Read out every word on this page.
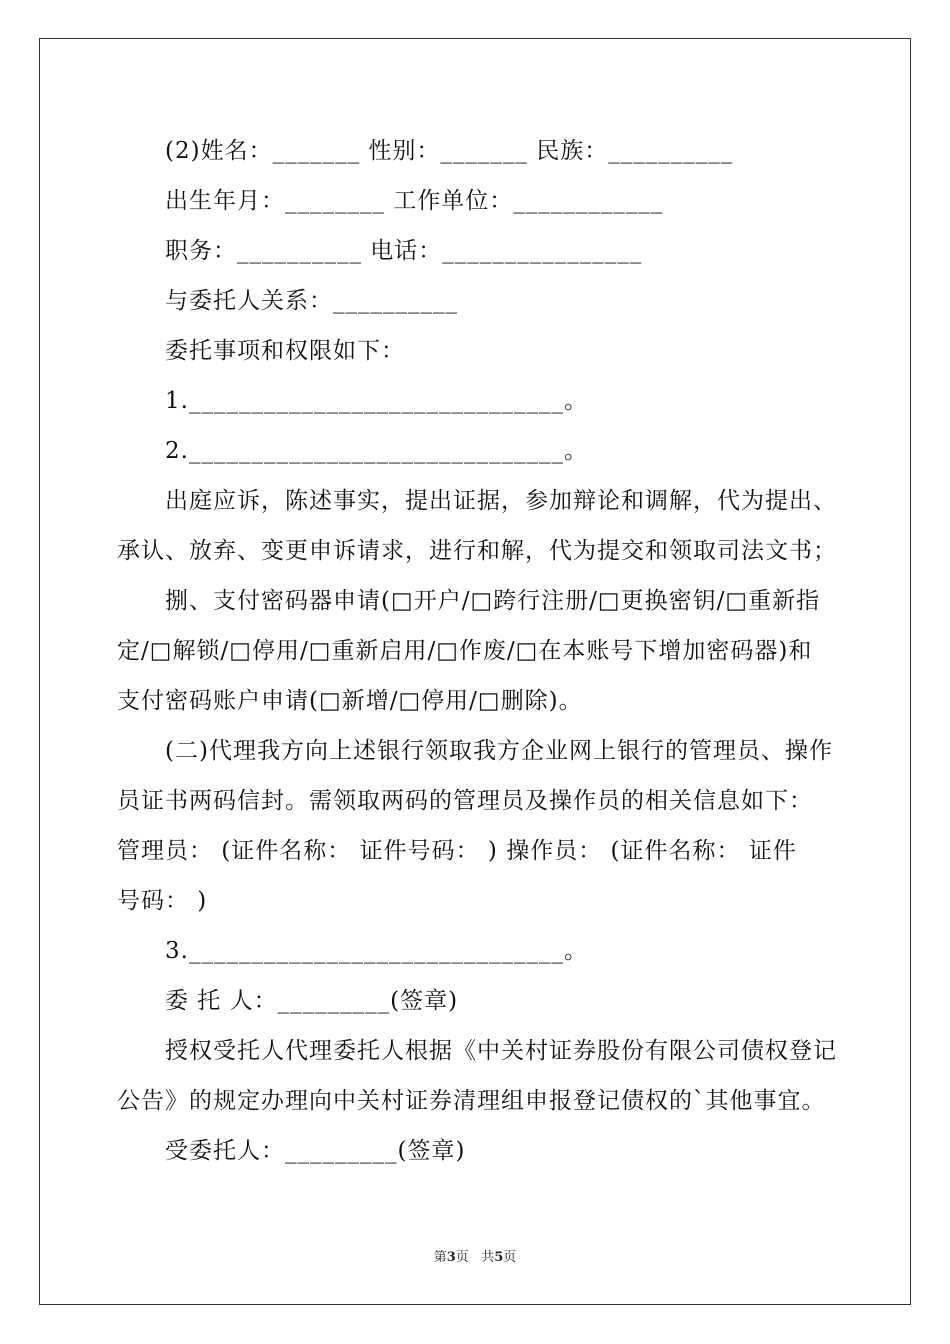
(2)姓名：_______ 性别：_______ 民族：__________
出生年月：________ 工作单位：____________
职务：__________ 电话：________________
与委托人关系：__________
委托事项和权限如下：
1.______________________________。
2.______________________________。
出庭应诉，陈述事实，提出证据，参加辩论和调解，代为提出、
承认、放弃、变更申诉请求，进行和解，代为提交和领取司法文书；
捌、支付密码器申请(□开户/□跨行注册/□更换密钥/□重新指
定/□解锁/□停用/□重新启用/□作废/□在本账号下增加密码器)和
支付密码账户申请(□新增/□停用/□删除)。
(二)代理我方向上述银行领取我方企业网上银行的管理员、操作
员证书两码信封。需领取两码的管理员及操作员的相关信息如下：
管理员： (证件名称： 证件号码： ) 操作员： (证件名称： 证件
号码： )
3.______________________________。
委 托 人：_________(签章)
授权受托人代理委托人根据《中关村证券股份有限公司债权登记
公告》的规定办理向中关村证券清理组申报登记债权的`其他事宜。
受委托人：_________(签章)
第3页 共5页
